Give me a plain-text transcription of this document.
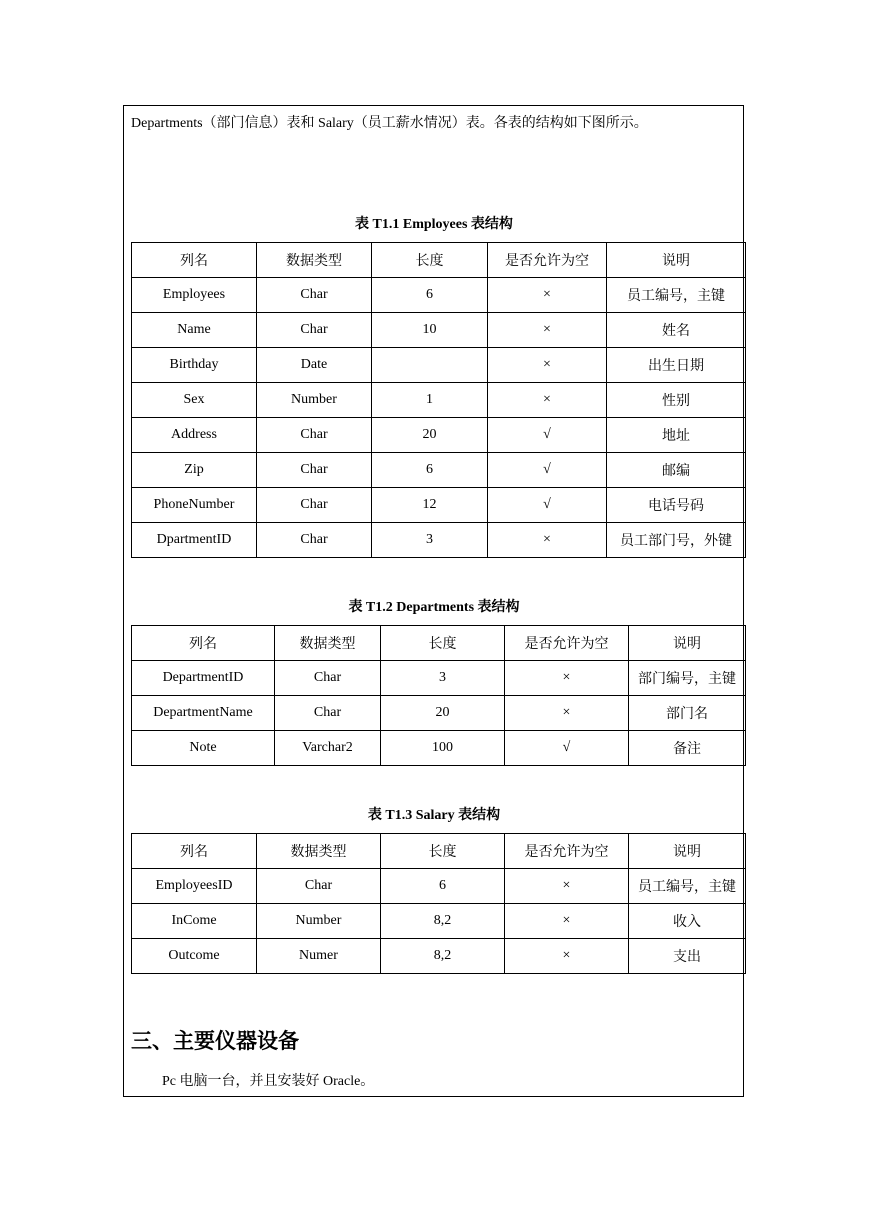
Departments（部门信息）表和 Salary（员工薪水情况）表。各表的结构如下图所示。
表 T1.1 Employees 表结构
列名	数据类型	长度	是否允许为空	说明
Employees	Char	6	×	员工编号，主键
Name	Char	10	×	姓名
Birthday	Date		×	出生日期
Sex	Number	1	×	性别
Address	Char	20	√	地址
Zip	Char	6	√	邮编
PhoneNumber	Char	12	√	电话号码
DpartmentID	Char	3	×	员工部门号，外键
表 T1.2 Departments 表结构
列名	数据类型	长度	是否允许为空	说明
DepartmentID	Char	3	×	部门编号，主键
DepartmentName	Char	20	×	部门名
Note	Varchar2	100	√	备注
表 T1.3 Salary 表结构
列名	数据类型	长度	是否允许为空	说明
EmployeesID	Char	6	×	员工编号，主键
InCome	Number	8,2	×	收入
Outcome	Numer	8,2	×	支出
三、主要仪器设备
Pc 电脑一台，并且安装好 Oracle。
